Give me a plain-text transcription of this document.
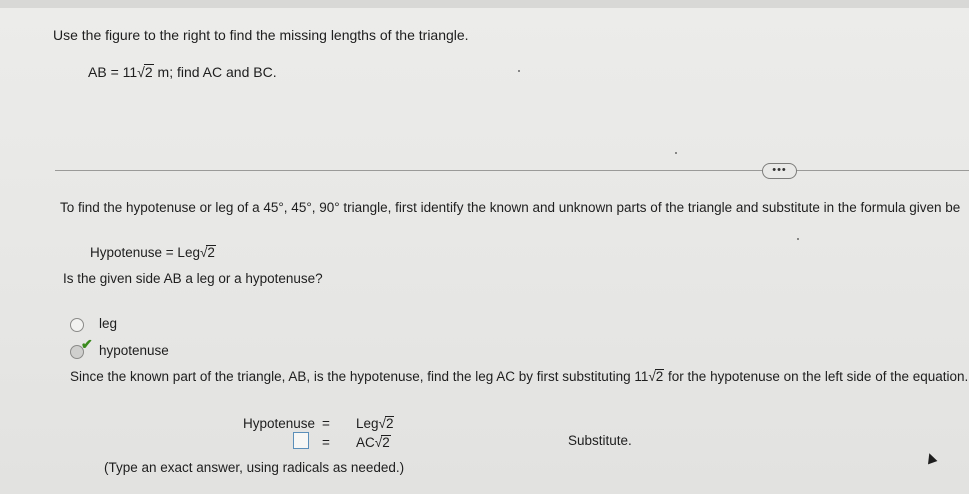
Use the figure to the right to find the missing lengths of the triangle.
AB = 11√2 m; find AC and BC.
•••
To find the hypotenuse or leg of a 45°, 45°, 90° triangle, first identify the known and unknown parts of the triangle and substitute in the formula given be
Hypotenuse = Leg√2
Is the given side AB a leg or a hypotenuse?
leg
✔ hypotenuse
Since the known part of the triangle, AB, is the hypotenuse, find the leg AC by first substituting 11√2 for the hypotenuse on the left side of the equation.
Hypotenuse = Leg√2
= AC√2	Substitute.
(Type an exact answer, using radicals as needed.)
